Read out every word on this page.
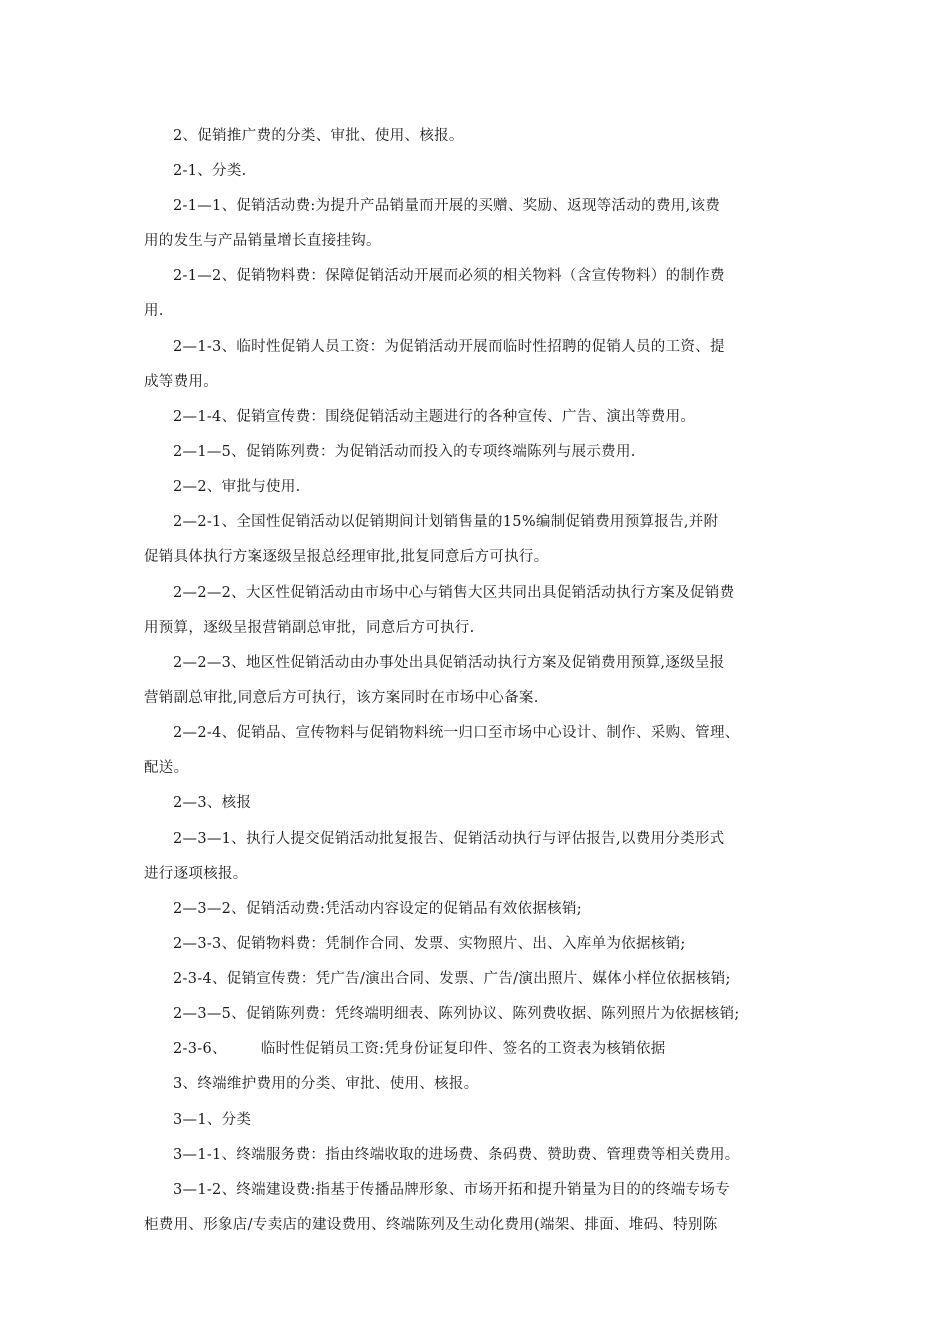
2、促销推广费的分类、审批、使用、核报。
2-1、分类.
2-1—1、促销活动费:为提升产品销量而开展的买赠、奖励、返现等活动的费用,该费
用的发生与产品销量增长直接挂钩。
2-1—2、促销物料费：保障促销活动开展而必须的相关物料（含宣传物料）的制作费
用.
2—1-3、临时性促销人员工资：为促销活动开展而临时性招聘的促销人员的工资、提
成等费用。
2—1-4、促销宣传费：围绕促销活动主题进行的各种宣传、广告、演出等费用。
2—1—5、促销陈列费：为促销活动而投入的专项终端陈列与展示费用.
2—2、审批与使用.
2—2-1、全国性促销活动以促销期间计划销售量的15%编制促销费用预算报告,并附
促销具体执行方案逐级呈报总经理审批,批复同意后方可执行。
2—2—2、大区性促销活动由市场中心与销售大区共同出具促销活动执行方案及促销费
用预算，逐级呈报营销副总审批，同意后方可执行.
2—2—3、地区性促销活动由办事处出具促销活动执行方案及促销费用预算,逐级呈报
营销副总审批,同意后方可执行，该方案同时在市场中心备案.
2—2-4、促销品、宣传物料与促销物料统一归口至市场中心设计、制作、采购、管理、
配送。
2—3、核报
2—3—1、执行人提交促销活动批复报告、促销活动执行与评估报告,以费用分类形式
进行逐项核报。
2—3—2、促销活动费:凭活动内容设定的促销品有效依据核销;
2—3-3、促销物料费：凭制作合同、发票、实物照片、出、入库单为依据核销;
2-3-4、促销宣传费：凭广告/演出合同、发票、广告/演出照片、媒体小样位依据核销;
2—3—5、促销陈列费：凭终端明细表、陈列协议、陈列费收据、陈列照片为依据核销;
2-3-6、 临时性促销员工资:凭身份证复印件、签名的工资表为核销依据
3、终端维护费用的分类、审批、使用、核报。
3—1、分类
3—1-1、终端服务费：指由终端收取的进场费、条码费、赞助费、管理费等相关费用。
3—1-2、终端建设费:指基于传播品牌形象、市场开拓和提升销量为目的的终端专场专
柜费用、形象店/专卖店的建设费用、终端陈列及生动化费用(端架、排面、堆码、特别陈
